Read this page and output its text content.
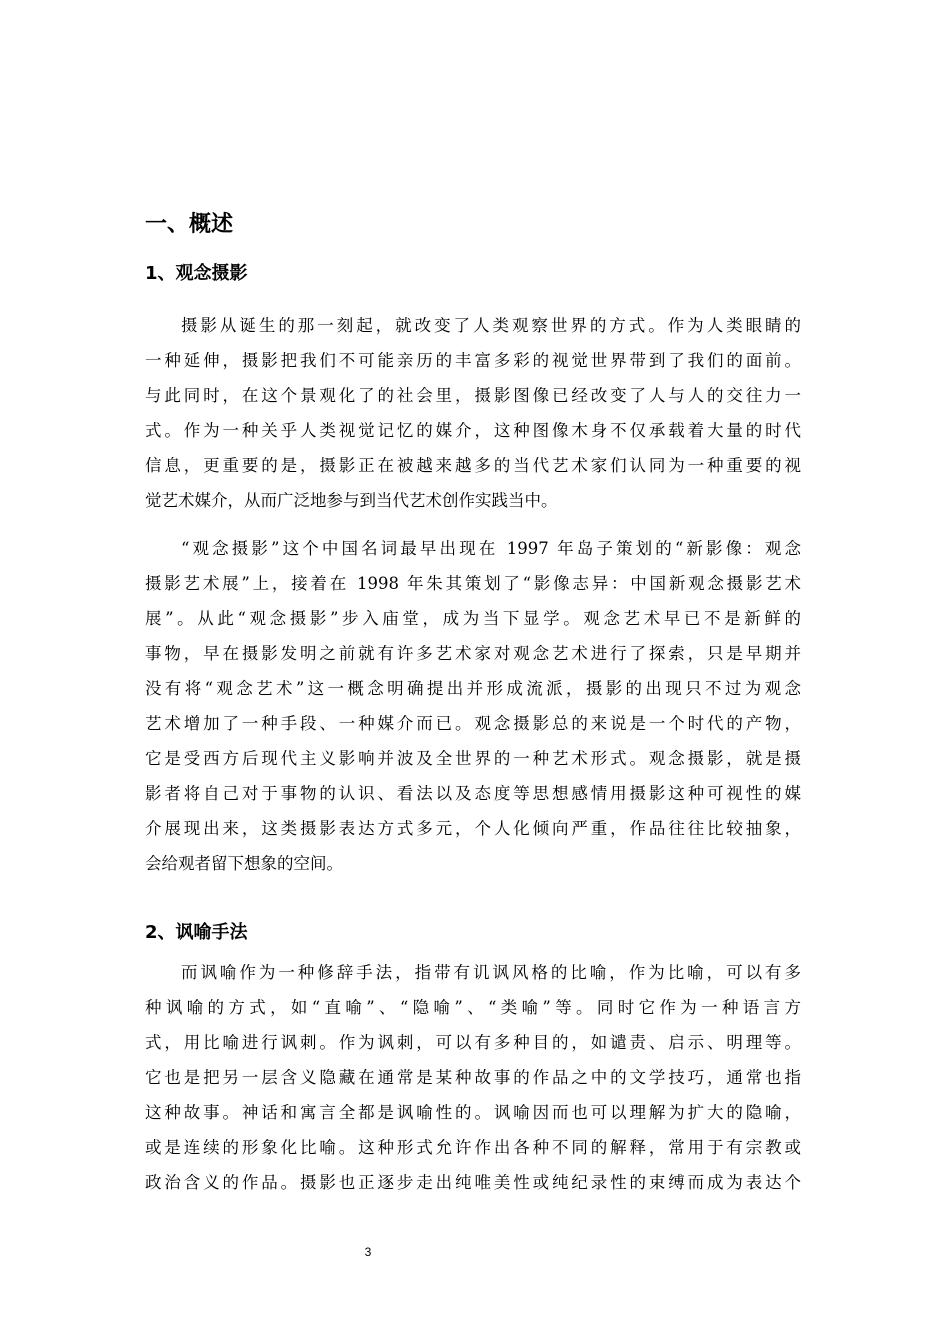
一、概述
1、观念摄影
摄影从诞生的那一刻起，就改变了人类观察世界的方式。作为人类眼睛的
一种延伸，摄影把我们不可能亲历的丰富多彩的视觉世界带到了我们的面前。
与此同时，在这个景观化了的社会里，摄影图像已经改变了人与人的交往力一
式。作为一种关乎人类视觉记忆的媒介，这种图像木身不仅承载着大量的时代
信息，更重要的是，摄影正在被越来越多的当代艺术家们认同为一种重要的视
觉艺术媒介，从而广泛地参与到当代艺术创作实践当中。
“观念摄影”这个中国名词最早出现在 1997 年岛子策划的“新影像：观念
摄影艺术展”上，接着在 1998 年朱其策划了“影像志异：中国新观念摄影艺术
展”。从此“观念摄影”步入庙堂，成为当下显学。观念艺术早已不是新鲜的
事物，早在摄影发明之前就有许多艺术家对观念艺术进行了探索，只是早期并
没有将“观念艺术”这一概念明确提出并形成流派，摄影的出现只不过为观念
艺术增加了一种手段、一种媒介而已。观念摄影总的来说是一个时代的产物，
它是受西方后现代主义影响并波及全世界的一种艺术形式。观念摄影，就是摄
影者将自己对于事物的认识、看法以及态度等思想感情用摄影这种可视性的媒
介展现出来，这类摄影表达方式多元，个人化倾向严重，作品往往比较抽象，
会给观者留下想象的空间。
2、讽喻手法
而讽喻作为一种修辞手法，指带有讥讽风格的比喻，作为比喻，可以有多
种讽喻的方式，如“直喻”、“隐喻”、“类喻”等。同时它作为一种语言方
式，用比喻进行讽刺。作为讽刺，可以有多种目的，如谴责、启示、明理等。
它也是把另一层含义隐藏在通常是某种故事的作品之中的文学技巧，通常也指
这种故事。神话和寓言全都是讽喻性的。讽喻因而也可以理解为扩大的隐喻，
或是连续的形象化比喻。这种形式允许作出各种不同的解释，常用于有宗教或
政治含义的作品。摄影也正逐步走出纯唯美性或纯纪录性的束缚而成为表达个
3
